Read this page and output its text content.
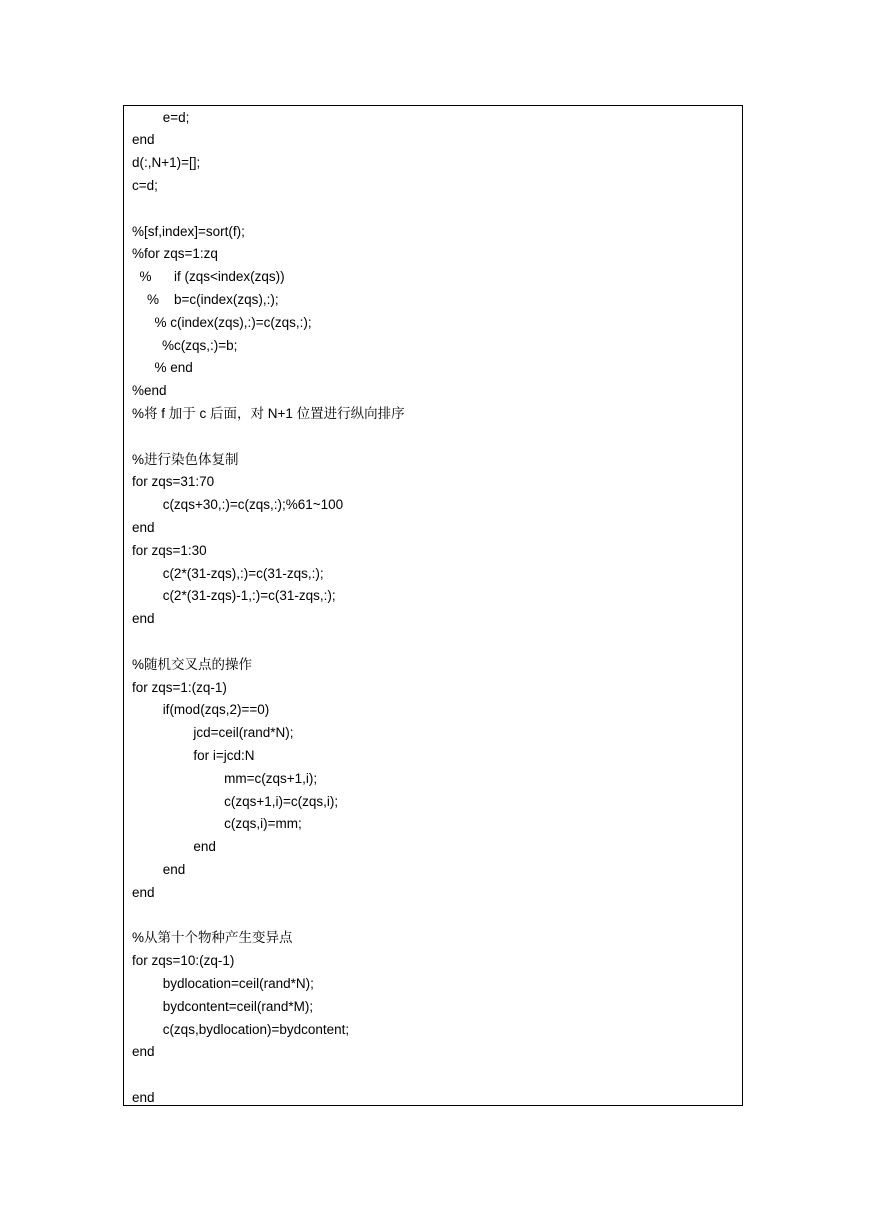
e=d;
end
d(:,N+1)=[];
c=d;
%[sf,index]=sort(f);
%for zqs=1:zq
%      if (zqs<index(zqs))
%    b=c(index(zqs),:);
% c(index(zqs),:)=c(zqs,:);
%c(zqs,:)=b;
% end
%end
%将 f 加于 c 后面，对 N+1 位置进行纵向排序
%进行染色体复制
for zqs=31:70
c(zqs+30,:)=c(zqs,:);%61~100
end
for zqs=1:30
c(2*(31-zqs),:)=c(31-zqs,:);
c(2*(31-zqs)-1,:)=c(31-zqs,:);
end
%随机交叉点的操作
for zqs=1:(zq-1)
if(mod(zqs,2)==0)
jcd=ceil(rand*N);
for i=jcd:N
mm=c(zqs+1,i);
c(zqs+1,i)=c(zqs,i);
c(zqs,i)=mm;
end
end
end
%从第十个物种产生变异点
for zqs=10:(zq-1)
bydlocation=ceil(rand*N);
bydcontent=ceil(rand*M);
c(zqs,bydlocation)=bydcontent;
end
end
